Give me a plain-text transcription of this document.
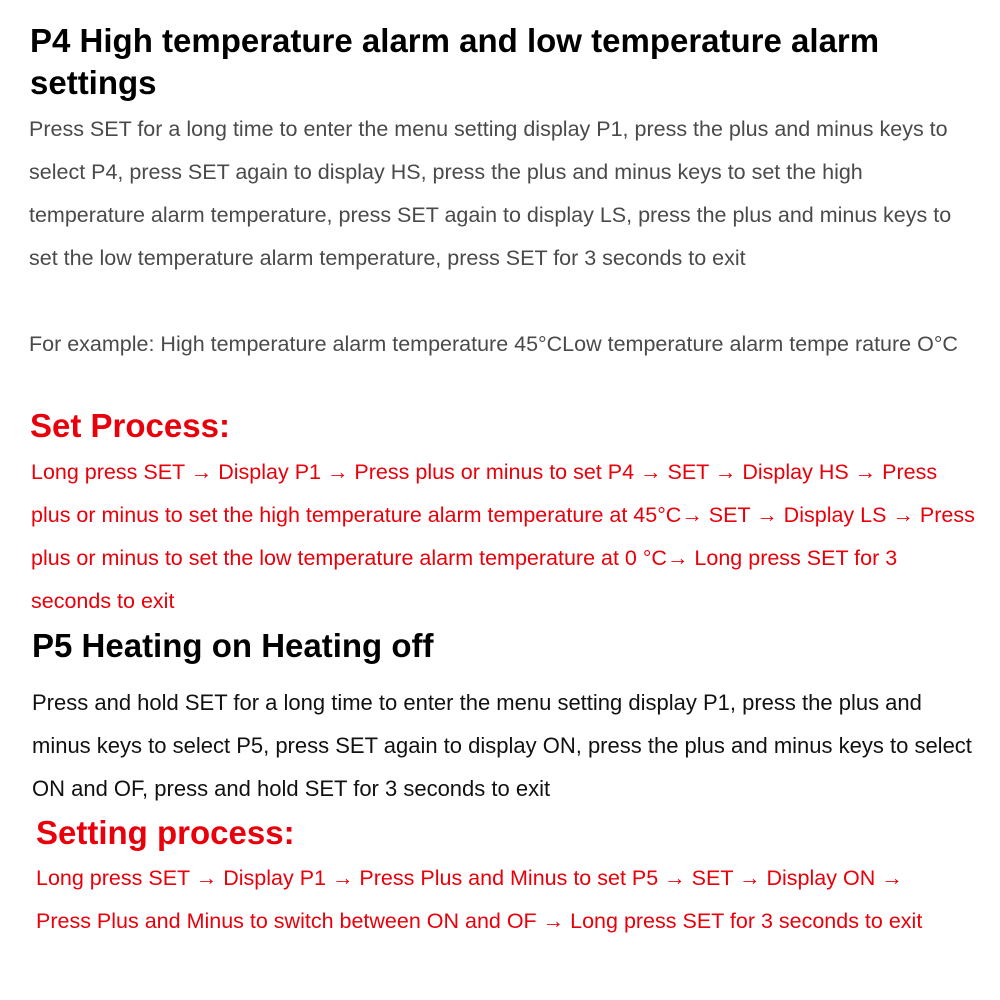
P4 High temperature alarm and low temperature alarm settings

Press SET for a long time to enter the menu setting display P1, press the plus and minus keys to select P4, press SET again to display HS, press the plus and minus keys to set the high temperature alarm temperature, press SET again to display LS, press the plus and minus keys to set the low temperature alarm temperature, press SET for 3 seconds to exit

For example: High temperature alarm temperature 45°CLow temperature alarm tempe rature O°C

Set Process:

Long press SET → Display P1 → Press plus or minus to set P4 → SET → Display HS → Press plus or minus to set the high temperature alarm temperature at 45°C→ SET → Display LS → Press plus or minus to set the low temperature alarm temperature at 0 °C→ Long press SET for 3 seconds to exit

P5 Heating on Heating off

Press and hold SET for a long time to enter the menu setting display P1, press the plus and minus keys to select P5, press SET again to display ON, press the plus and minus keys to select ON and OF, press and hold SET for 3 seconds to exit

Setting process:

Long press SET → Display P1 → Press Plus and Minus to set P5 → SET → Display ON → Press Plus and Minus to switch between ON and OF → Long press SET for 3 seconds to exit
